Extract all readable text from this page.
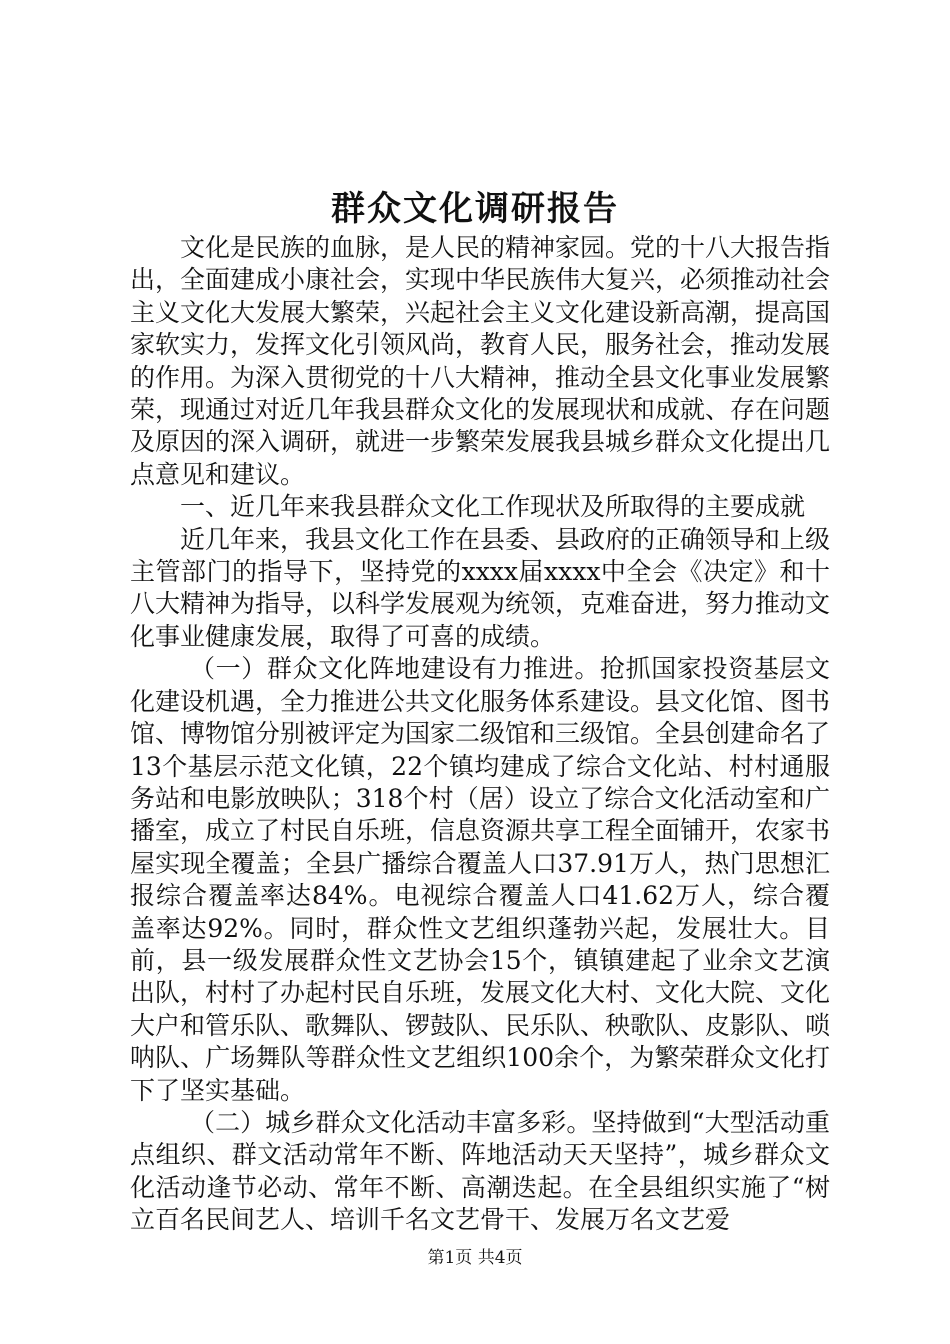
群众文化调研报告

文化是民族的血脉，是人民的精神家园。党的十八大报告指出，全面建成小康社会，实现中华民族伟大复兴，必须推动社会主义文化大发展大繁荣，兴起社会主义文化建设新高潮，提高国家软实力，发挥文化引领风尚，教育人民，服务社会，推动发展的作用。为深入贯彻党的十八大精神，推动全县文化事业发展繁荣，现通过对近几年我县群众文化的发展现状和成就、存在问题及原因的深入调研，就进一步繁荣发展我县城乡群众文化提出几点意见和建议。

一、近几年来我县群众文化工作现状及所取得的主要成就

近几年来，我县文化工作在县委、县政府的正确领导和上级主管部门的指导下，坚持党的xxxx届xxxx中全会《决定》和十八大精神为指导，以科学发展观为统领，克难奋进，努力推动文化事业健康发展，取得了可喜的成绩。

（一）群众文化阵地建设有力推进。抢抓国家投资基层文化建设机遇，全力推进公共文化服务体系建设。县文化馆、图书馆、博物馆分别被评定为国家二级馆和三级馆。全县创建命名了13个基层示范文化镇，22个镇均建成了综合文化站、村村通服务站和电影放映队；318个村（居）设立了综合文化活动室和广播室，成立了村民自乐班，信息资源共享工程全面铺开，农家书屋实现全覆盖；全县广播综合覆盖人口37.91万人，热门思想汇报综合覆盖率达84%。电视综合覆盖人口41.62万人，综合覆盖率达92%。同时，群众性文艺组织蓬勃兴起，发展壮大。目前，县一级发展群众性文艺协会15个，镇镇建起了业余文艺演出队，村村了办起村民自乐班，发展文化大村、文化大院、文化大户和管乐队、歌舞队、锣鼓队、民乐队、秧歌队、皮影队、唢呐队、广场舞队等群众性文艺组织100余个，为繁荣群众文化打下了坚实基础。

（二）城乡群众文化活动丰富多彩。坚持做到“大型活动重点组织、群文活动常年不断、阵地活动天天坚持”，城乡群众文化活动逢节必动、常年不断、高潮迭起。在全县组织实施了“树立百名民间艺人、培训千名文艺骨干、发展万名文艺爱

第1页 共4页
